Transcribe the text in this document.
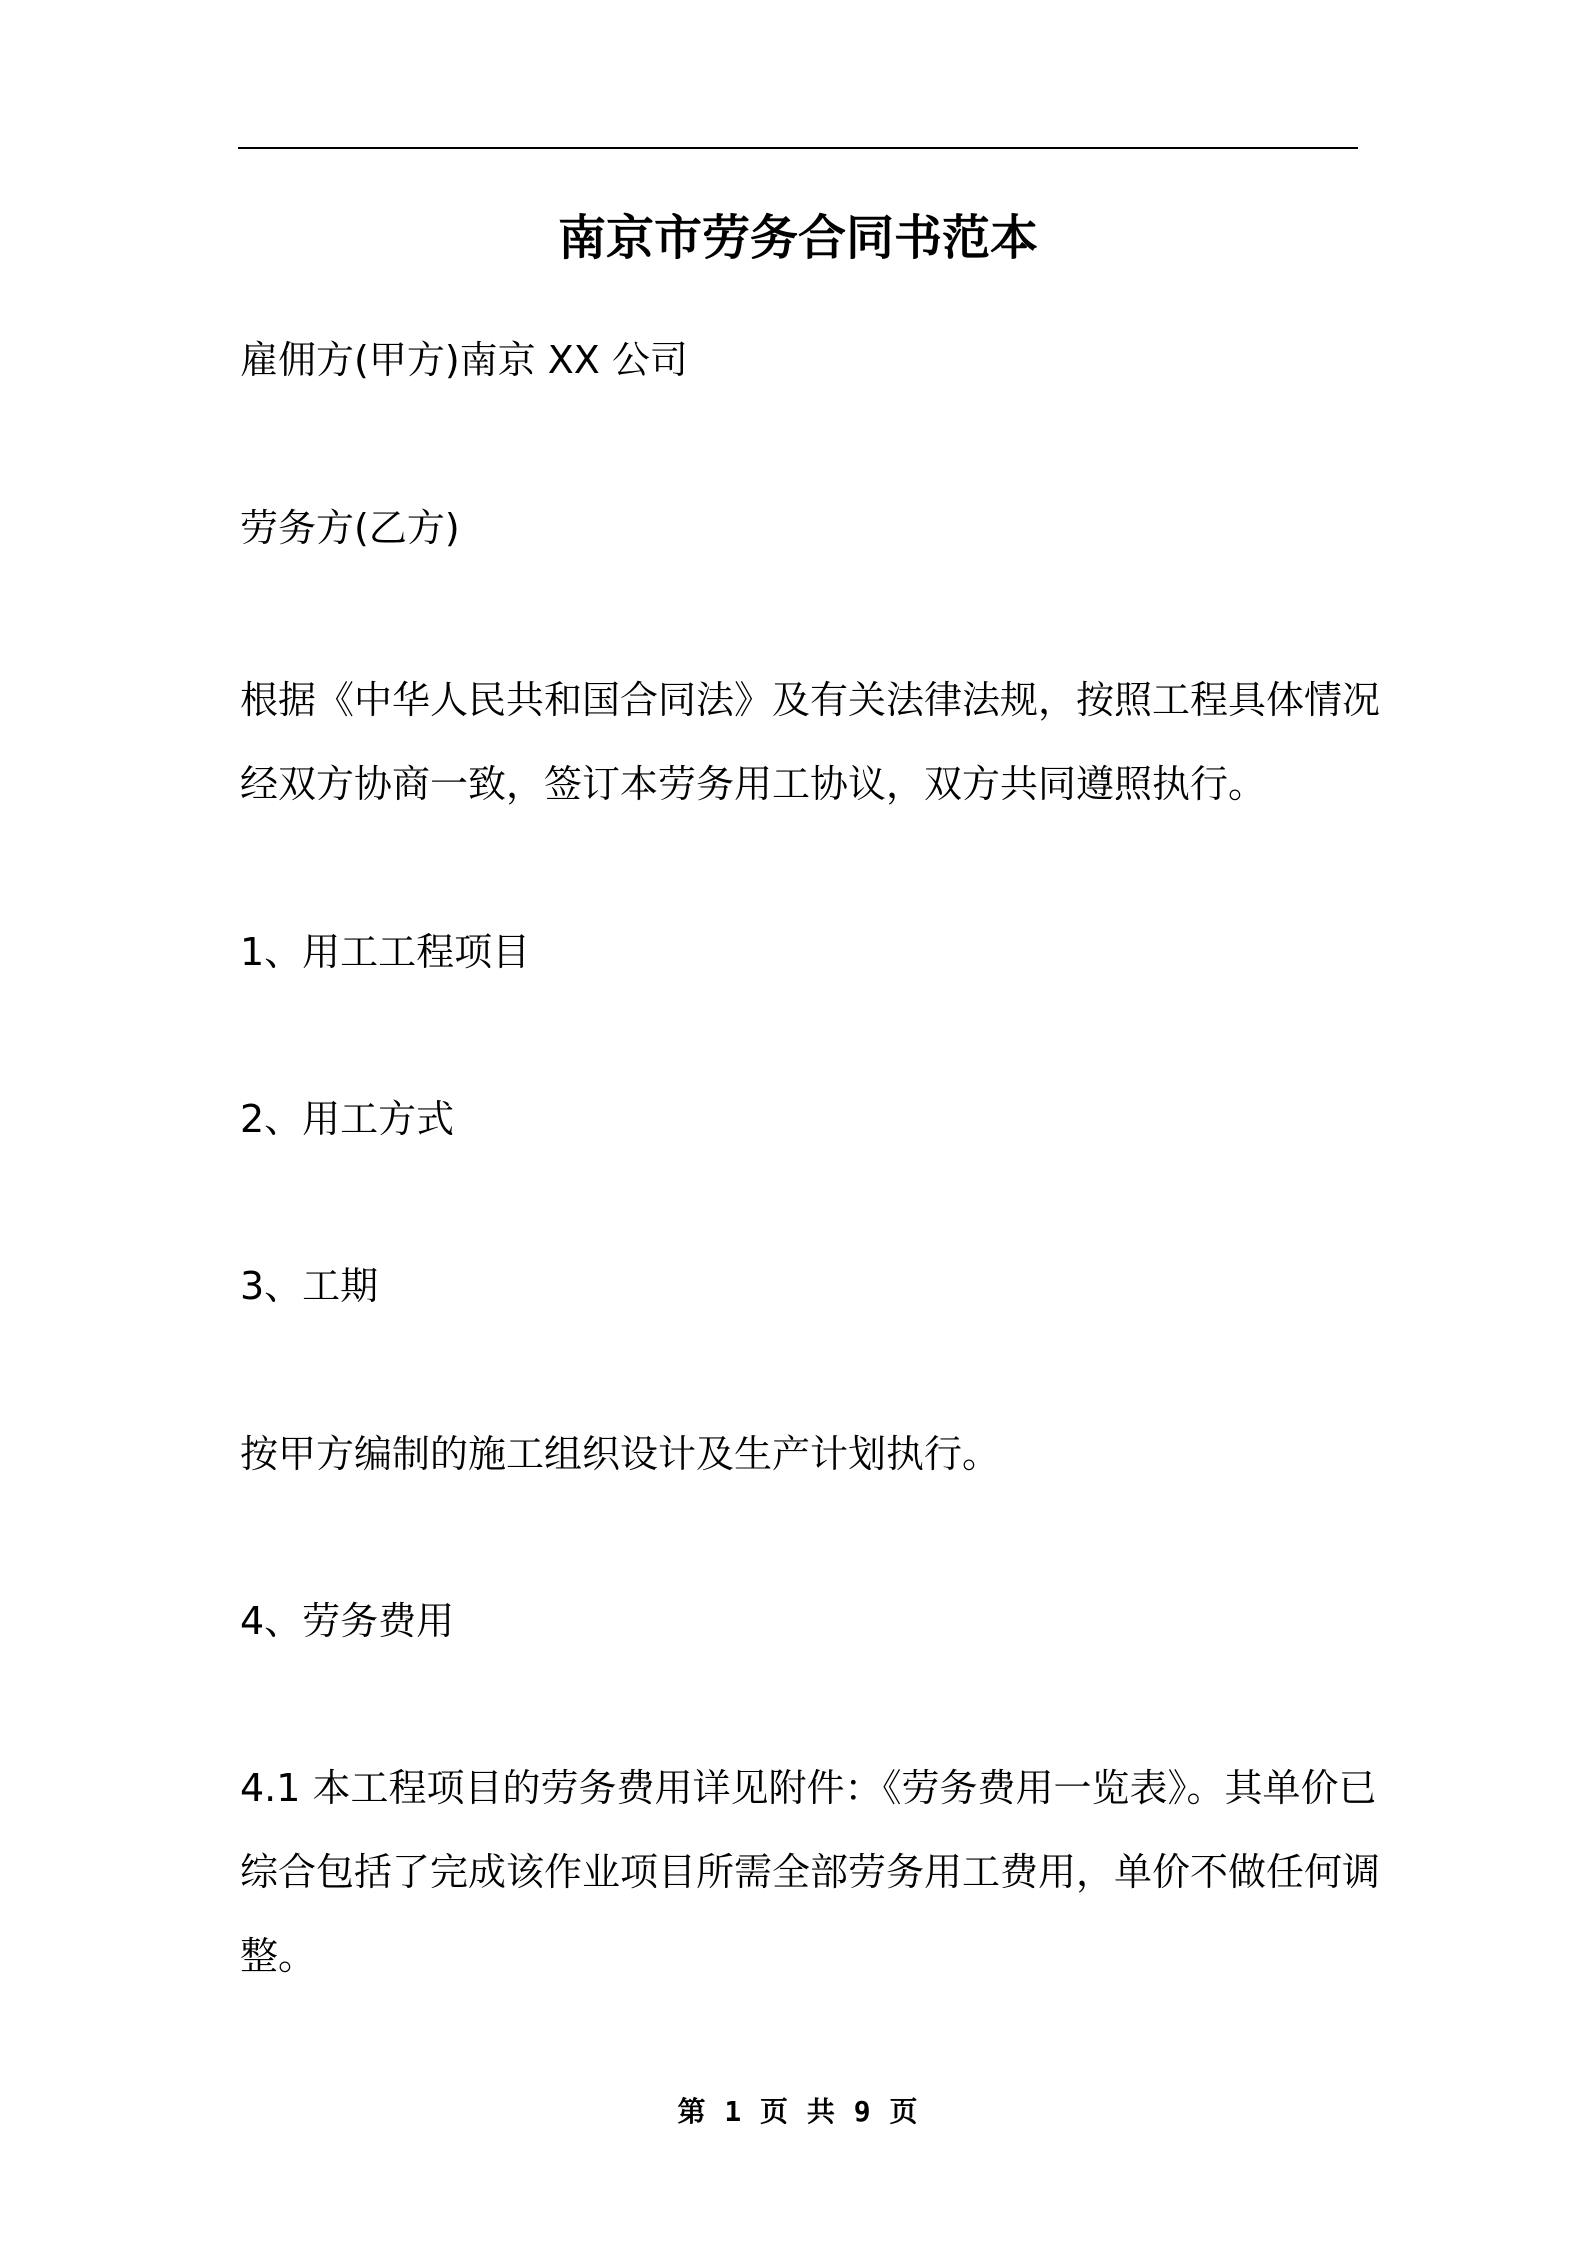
南京市劳务合同书范本

雇佣方(甲方)南京 XX 公司

劳务方(乙方)

根据《中华人民共和国合同法》及有关法律法规，按照工程具体情况

经双方协商一致，签订本劳务用工协议，双方共同遵照执行。

1、用工工程项目

2、用工方式

3、工期

按甲方编制的施工组织设计及生产计划执行。

4、劳务费用

4.1 本工程项目的劳务费用详见附件：《劳务费用一览表》。其单价已

综合包括了完成该作业项目所需全部劳务用工费用，单价不做任何调

整。

第 1 页 共 9 页
